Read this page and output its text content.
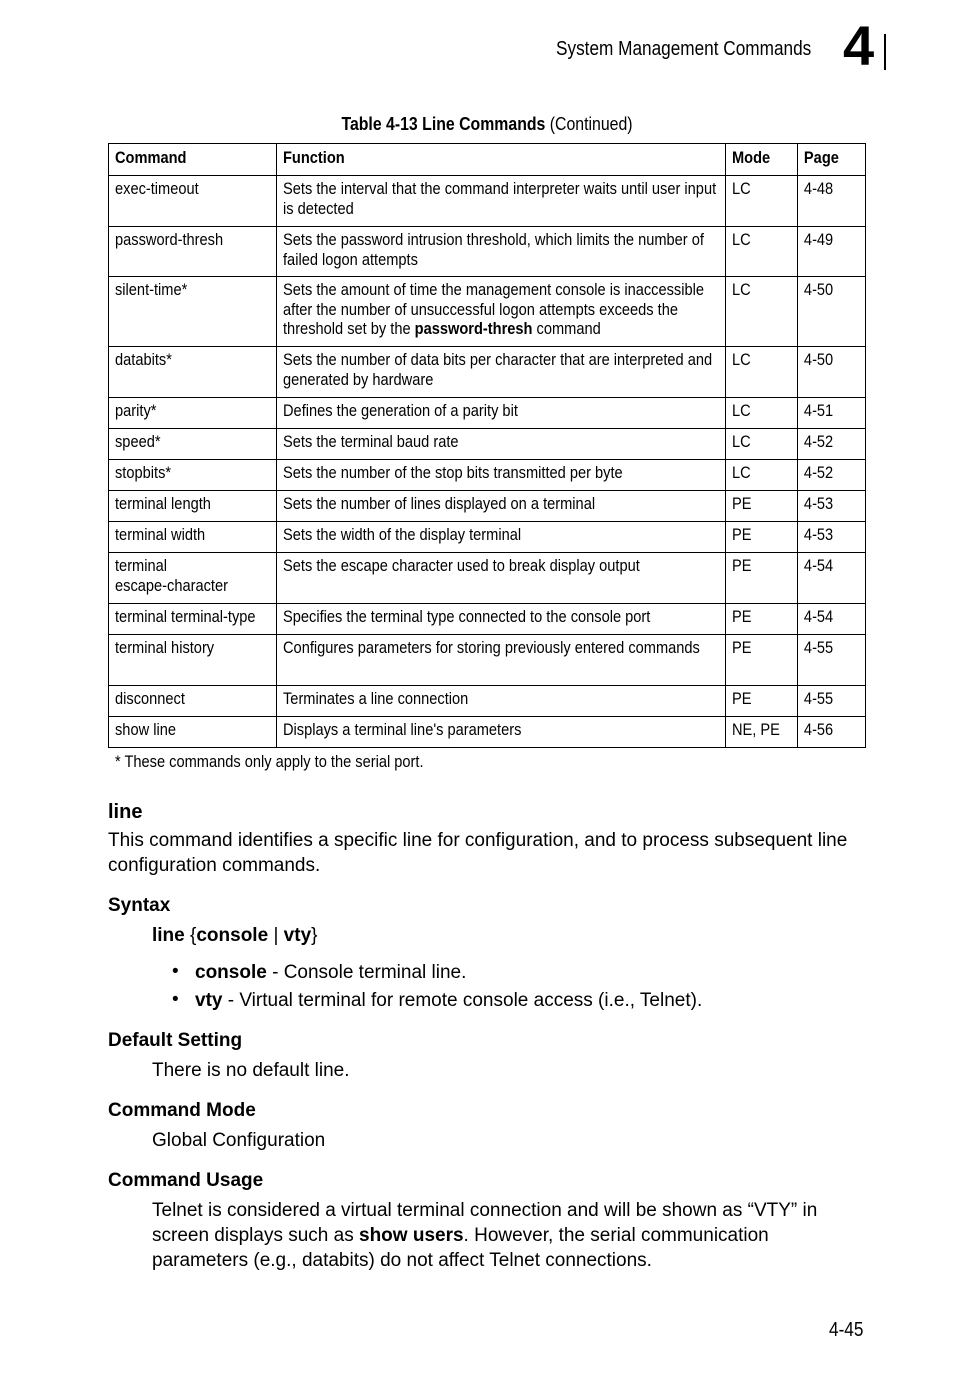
System Management Commands 4
Table 4-13 Line Commands (Continued)
Command	Function	Mode	Page
exec-timeout	Sets the interval that the command interpreter waits until user input is detected	LC	4-48
password-thresh	Sets the password intrusion threshold, which limits the number of failed logon attempts	LC	4-49
silent-time*	Sets the amount of time the management console is inaccessible after the number of unsuccessful logon attempts exceeds the threshold set by the password-thresh command	LC	4-50
databits*	Sets the number of data bits per character that are interpreted and generated by hardware	LC	4-50
parity*	Defines the generation of a parity bit	LC	4-51
speed*	Sets the terminal baud rate	LC	4-52
stopbits*	Sets the number of the stop bits transmitted per byte	LC	4-52
terminal length	Sets the number of lines displayed on a terminal	PE	4-53
terminal width	Sets the width of the display terminal	PE	4-53
terminal
escape-character	Sets the escape character used to break display output	PE	4-54
terminal terminal-type	Specifies the terminal type connected to the console port	PE	4-54
terminal history	Configures parameters for storing previously entered commands	PE	4-55
disconnect	Terminates a line connection	PE	4-55
show line	Displays a terminal line's parameters	NE, PE	4-56
* These commands only apply to the serial port.
line
This command identifies a specific line for configuration, and to process subsequent line configuration commands.
Syntax
line {console | vty}
• console - Console terminal line.
• vty - Virtual terminal for remote console access (i.e., Telnet).
Default Setting
There is no default line.
Command Mode
Global Configuration
Command Usage
Telnet is considered a virtual terminal connection and will be shown as “VTY” in screen displays such as show users. However, the serial communication parameters (e.g., databits) do not affect Telnet connections.
4-45
